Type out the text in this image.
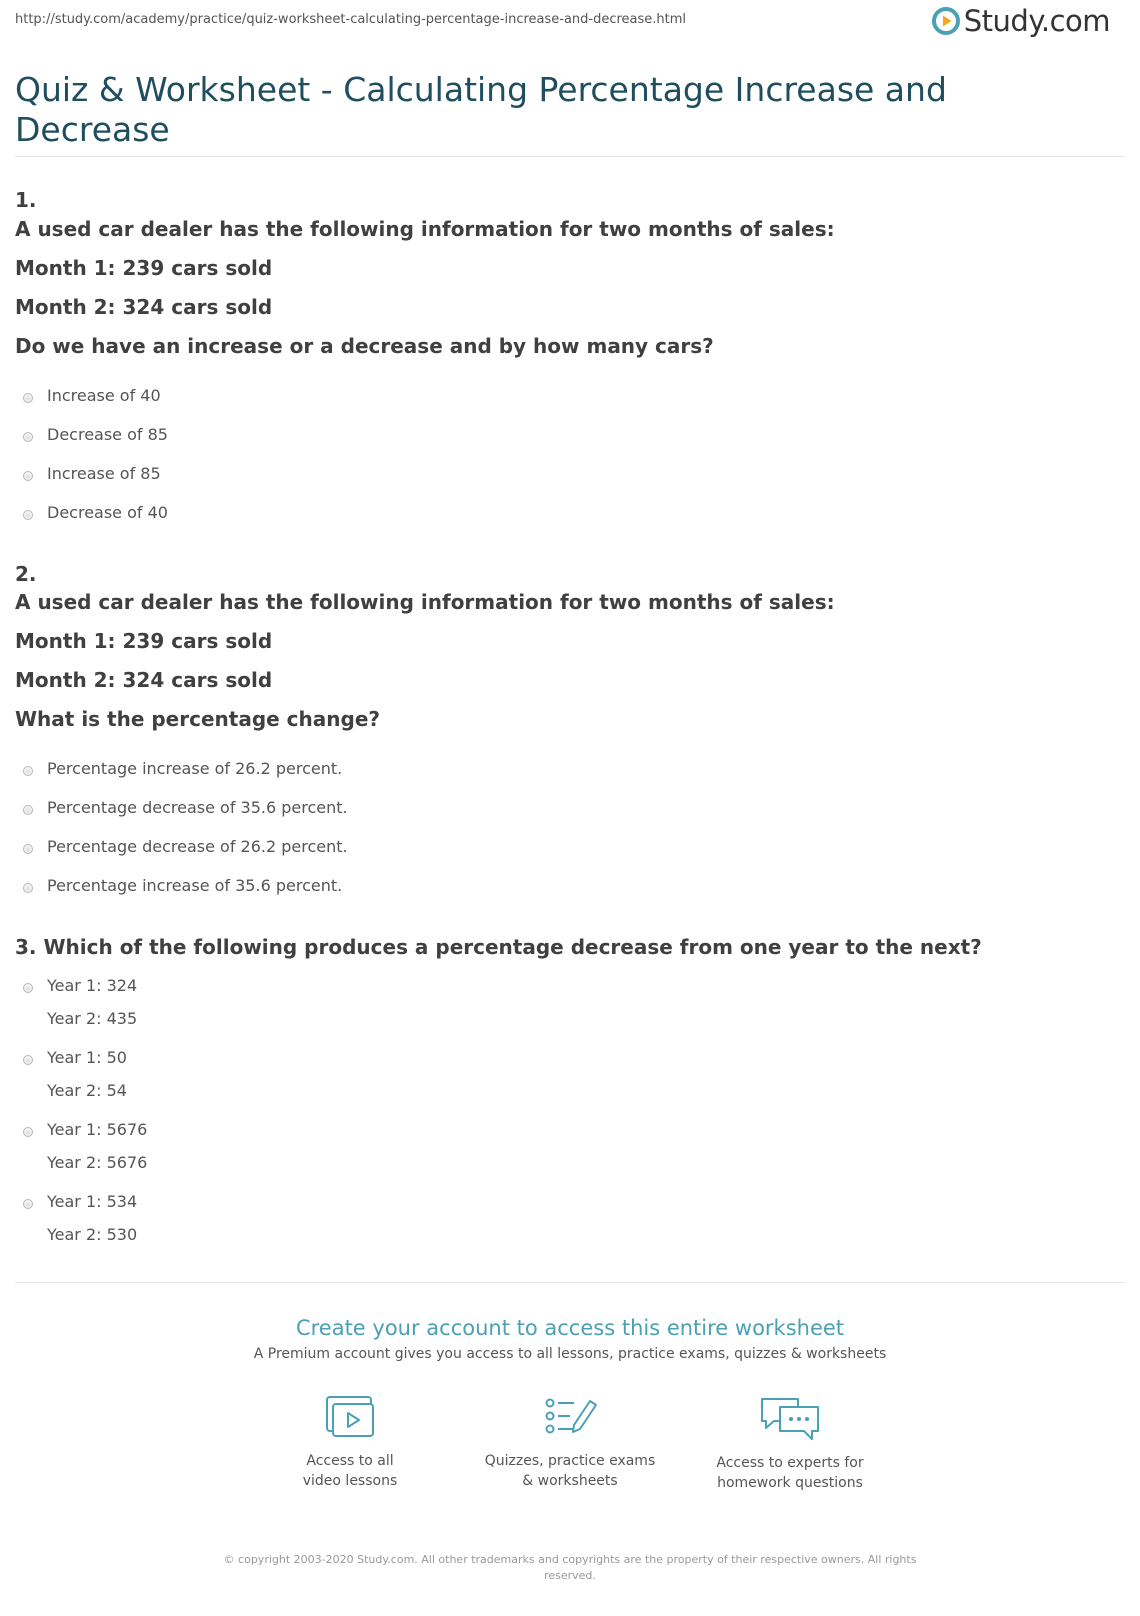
http://study.com/academy/practice/quiz-worksheet-calculating-percentage-increase-and-decrease.html	Study.com
Quiz & Worksheet - Calculating Percentage Increase and Decrease
1.
A used car dealer has the following information for two months of sales:
Month 1: 239 cars sold
Month 2: 324 cars sold
Do we have an increase or a decrease and by how many cars?
Increase of 40
Decrease of 85
Increase of 85
Decrease of 40
2.
A used car dealer has the following information for two months of sales:
Month 1: 239 cars sold
Month 2: 324 cars sold
What is the percentage change?
Percentage increase of 26.2 percent.
Percentage decrease of 35.6 percent.
Percentage decrease of 26.2 percent.
Percentage increase of 35.6 percent.
3. Which of the following produces a percentage decrease from one year to the next?
Year 1: 324
Year 2: 435
Year 1: 50
Year 2: 54
Year 1: 5676
Year 2: 5676
Year 1: 534
Year 2: 530
Create your account to access this entire worksheet
A Premium account gives you access to all lessons, practice exams, quizzes & worksheets
Access to all
video lessons
Quizzes, practice exams
& worksheets
Access to experts for
homework questions
© copyright 2003-2020 Study.com. All other trademarks and copyrights are the property of their respective owners. All rights reserved.
